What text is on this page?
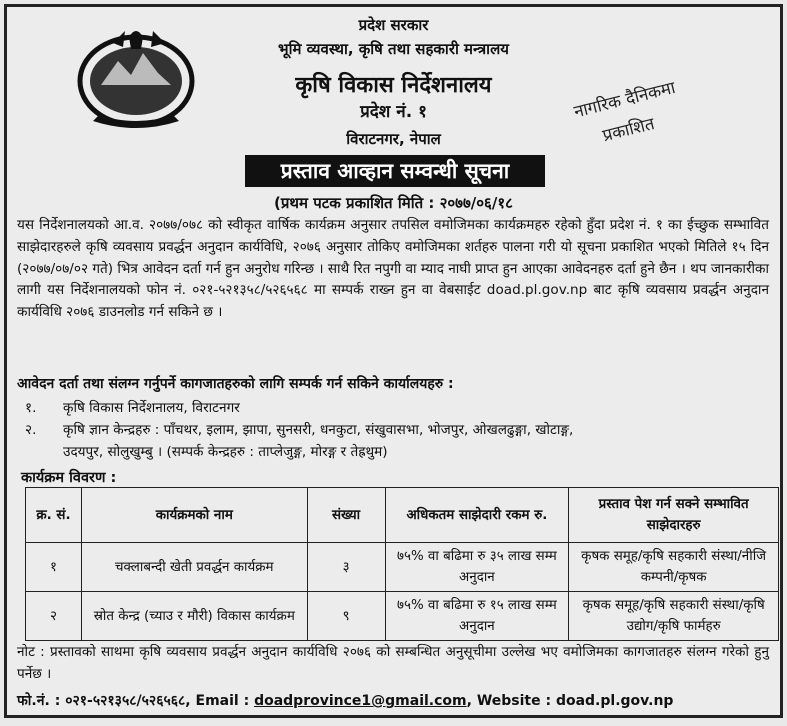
प्रदेश सरकार
भूमि व्यवस्था, कृषि तथा सहकारी मन्त्रालय
कृषि विकास निर्देशनालय
प्रदेश नं. १
विराटनगर, नेपाल
नागरिक दैनिकमा
प्रकाशित
प्रस्ताव आव्हान सम्वन्धी सूचना
(प्रथम पटक प्रकाशित मिति : २०७७/०६/१८

यस निर्देशनालयको आ.व. २०७७/०७८ को स्वीकृत वार्षिक कार्यक्रम अनुसार तपसिल वमोजिमका कार्यक्रमहरु रहेको हुँदा प्रदेश नं. १ का ईच्छुक सम्भावित साझेदारहरुले कृषि व्यवसाय प्रवर्द्धन अनुदान कार्यविधि, २०७६ अनुसार तोकिए वमोजिमका शर्तहरु पालना गरी यो सूचना प्रकाशित भएको मितिले १५ दिन (२०७७/०७/०२ गते) भित्र आवेदन दर्ता गर्न हुन अनुरोध गरिन्छ । साथै रित नपुगी वा म्याद नाघी प्राप्त हुन आएका आवेदनहरु दर्ता हुने छैन । थप जानकारीका लागी यस निर्देशनालयको फोन नं. ०२१-५२१३५८/५२६५६८ मा सम्पर्क राख्न हुन वा वेबसाईट doad.pl.gov.np बाट कृषि व्यवसाय प्रवर्द्धन अनुदान कार्यविधि २०७६ डाउनलोड गर्न सकिने छ ।

आवेदन दर्ता तथा संलग्न गर्नुपर्ने कागजातहरुको लागि सम्पर्क गर्न सकिने कार्यालयहरु :
१. कृषि विकास निर्देशनालय, विराटनगर
२. कृषि ज्ञान केन्द्रहरु : पाँचथर, इलाम, झापा, सुनसरी, धनकुटा, संखुवासभा, भोजपुर, ओखलढुङ्गा, खोटाङ्ग,
उदयपुर, सोलुखुम्बु । (सम्पर्क केन्द्रहरु : ताप्लेजुङ्ग, मोरङ्ग र तेह्रथुम)
कार्यक्रम विवरण :
क्र. सं.	कार्यक्रमको नाम	संख्या	अधिकतम साझेदारी रकम रु.	प्रस्ताव पेश गर्न सक्ने सम्भावित साझेदारहरु
१	चक्लाबन्दी खेती प्रवर्द्धन कार्यक्रम	३	७५% वा बढिमा रु ३५ लाख सम्म अनुदान	कृषक समूह/कृषि सहकारी संस्था/नीजि कम्पनी/कृषक
२	स्रोत केन्द्र (च्याउ र मौरी) विकास कार्यक्रम	९	७५% वा बढिमा रु १५ लाख सम्म अनुदान	कृषक समूह/कृषि सहकारी संस्था/कृषि उद्योग/कृषि फार्महरु
नोट : प्रस्तावको साथमा कृषि व्यवसाय प्रवर्द्धन अनुदान कार्यविधि २०७६ को सम्बन्धित अनुसूचीमा उल्लेख भए वमोजिमका कागजातहरु संलग्न गरेको हुनु पर्नेछ ।
फो.नं. : ०२१-५२१३५८/५२६५६८, Email : doadprovince1@gmail.com, Website : doad.pl.gov.np
